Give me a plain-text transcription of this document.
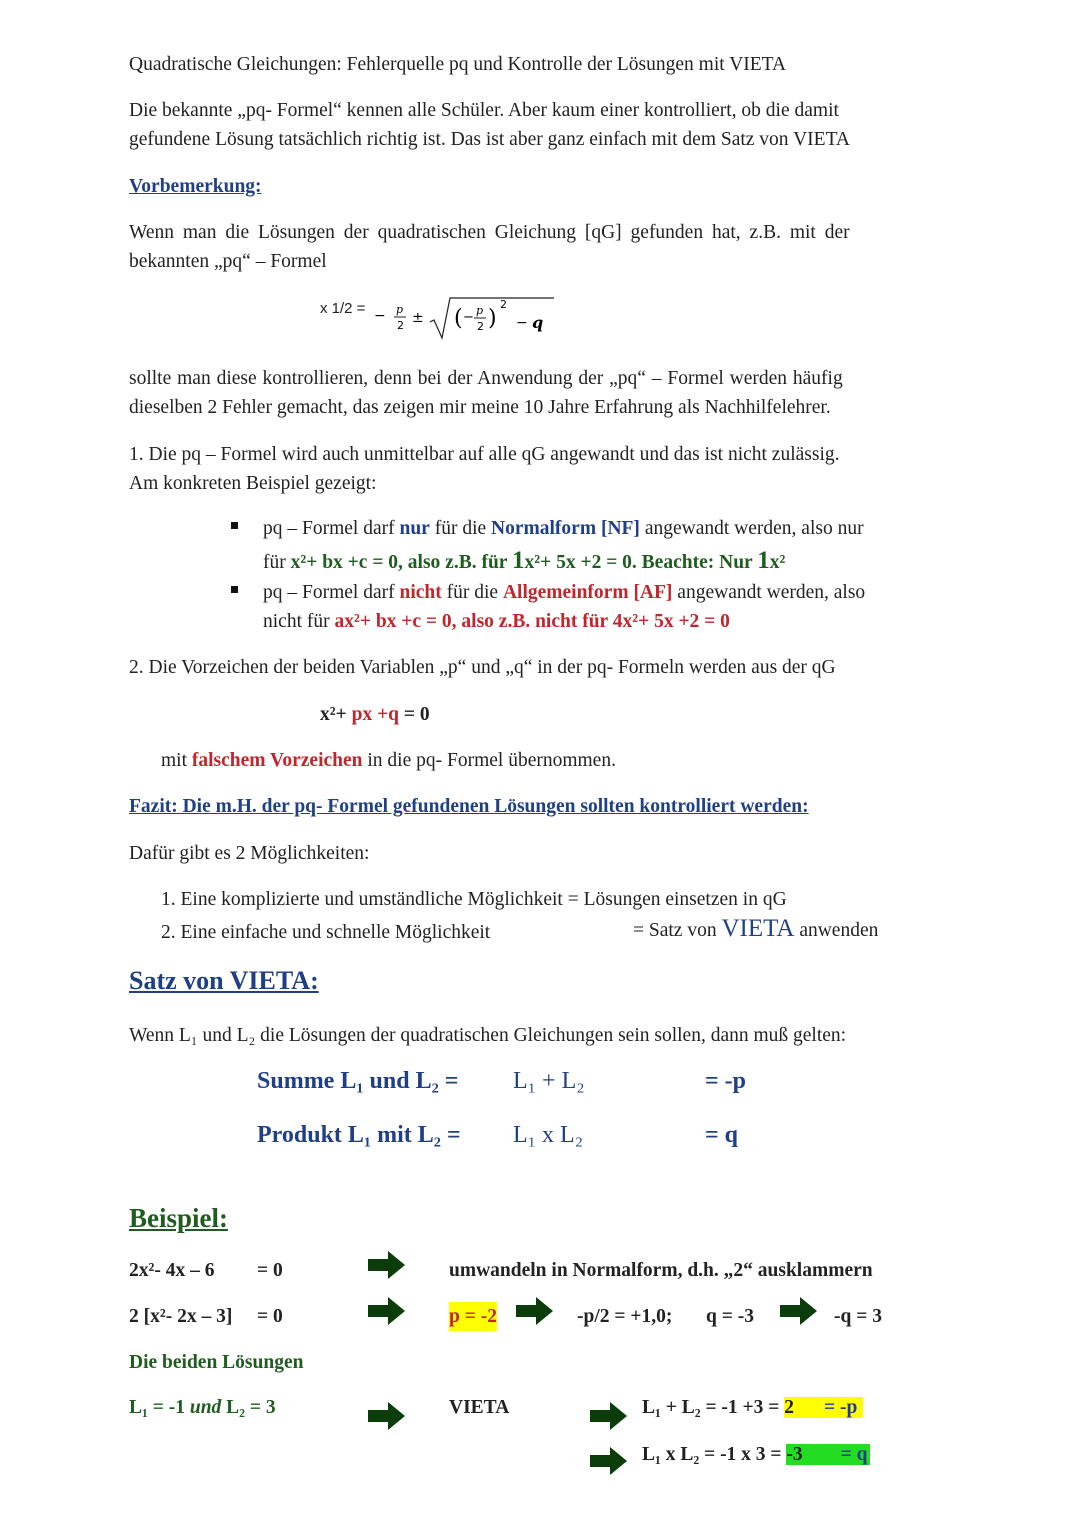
Quadratische Gleichungen: Fehlerquelle pq und Kontrolle der Lösungen mit VIETA
Die bekannte „pq- Formel“ kennen alle Schüler. Aber kaum einer kontrolliert, ob die damit
gefundene Lösung tatsächlich richtig ist. Das ist aber ganz einfach mit dem Satz von VIETA
Vorbemerkung:
Wenn man die Lösungen der quadratischen Gleichung [qG] gefunden hat, z.B. mit der
bekannten „pq“ – Formel
x 1/2 = − p
2 ± ( − p
2 )
2
− q
sollte man diese kontrollieren, denn bei der Anwendung der „pq“ – Formel werden häufig
dieselben 2 Fehler gemacht, das zeigen mir meine 10 Jahre Erfahrung als Nachhilfelehrer.
1. Die pq – Formel wird auch unmittelbar auf alle qG angewandt und das ist nicht zulässig.
Am konkreten Beispiel gezeigt:
pq – Formel darf nur für die Normalform [NF] angewandt werden, also nur
für x²+ bx +c = 0, also z.B. für 1x²+ 5x +2 = 0. Beachte: Nur 1x²
pq – Formel darf nicht für die Allgemeinform [AF] angewandt werden, also
nicht für ax²+ bx +c = 0, also z.B. nicht für 4x²+ 5x +2 = 0
2. Die Vorzeichen der beiden Variablen „p“ und „q“ in der pq- Formeln werden aus der qG
x²+ px +q = 0
mit falschem Vorzeichen in die pq- Formel übernommen.
Fazit: Die m.H. der pq- Formel gefundenen Lösungen sollten kontrolliert werden:
Dafür gibt es 2 Möglichkeiten:
1. Eine komplizierte und umständliche Möglichkeit = Lösungen einsetzen in qG
2. Eine einfache und schnelle Möglichkeit	= Satz von VIETA anwenden
Satz von VIETA:
Wenn L₁ und L₂ die Lösungen der quadratischen Gleichungen sein sollen, dann muß gelten:
Summe L₁ und L₂ = L₁ + L₂	= -p
Produkt L₁ mit L₂ = L₁ x L₂	= q
Beispiel:
2x²- 4x – 6 = 0	umwandeln in Normalform, d.h. „2“ ausklammern
2 [x²- 2x – 3] = 0	p = -2	-p/2 = +1,0; q = -3	-q = 3
Die beiden Lösungen
L₁ = -1 und L₂ = 3	VIETA	L₁ + L₂ = -1 +3 = 2 = -p
L₁ x L₂ = -1 x 3 = -3 = q
